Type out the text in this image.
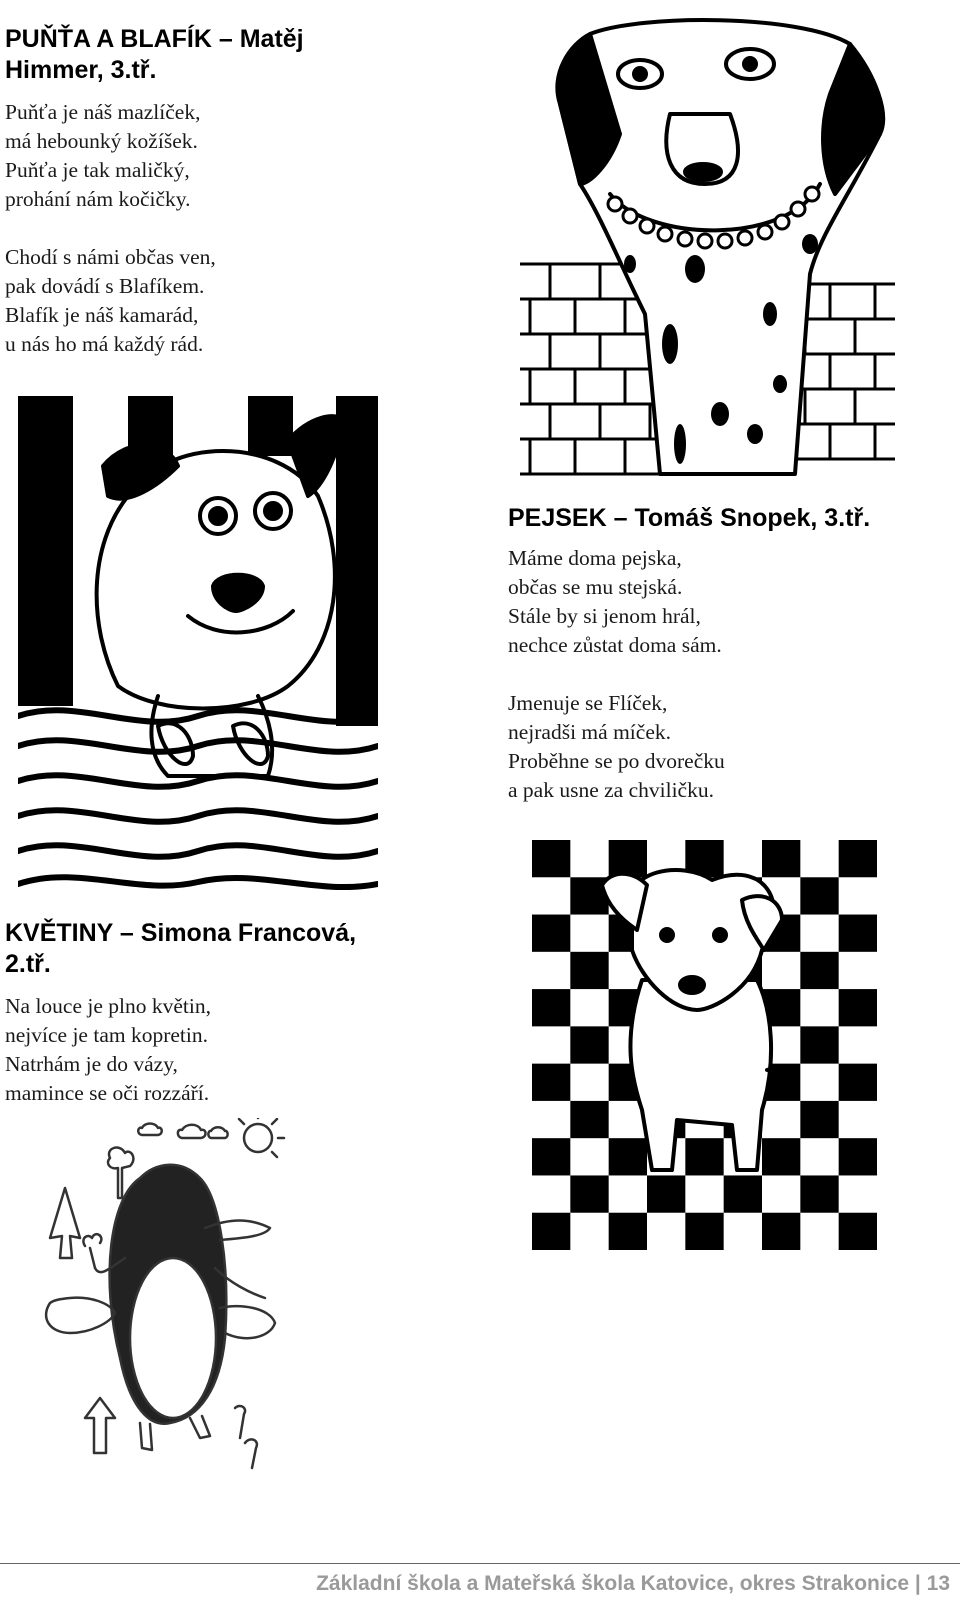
PUŇŤA A BLAFÍK – Matěj Himmer, 3.tř.

Puňťa je náš mazlíček,
má hebounký kožíšek.
Puňťa je tak maličký,
prohání nám kočičky.

Chodí s námi občas ven,
pak dovádí s Blafíkem.
Blafík je náš kamarád,
u nás ho má každý rád.

PEJSEK – Tomáš Snopek, 3.tř.

Máme doma pejska,
občas se mu stejská.
Stále by si jenom hrál,
nechce zůstat doma sám.

Jmenuje se Flíček,
nejradši má míček.
Proběhne se po dvorečku
a pak usne za chviličku.

KVĚTINY – Simona Francová, 2.tř.

Na louce je plno květin,
nejvíce je tam kopretin.
Natrhám je do vázy,
mamince se oči rozzáří.

Základní škola a Mateřská škola Katovice, okres Strakonice | 13
